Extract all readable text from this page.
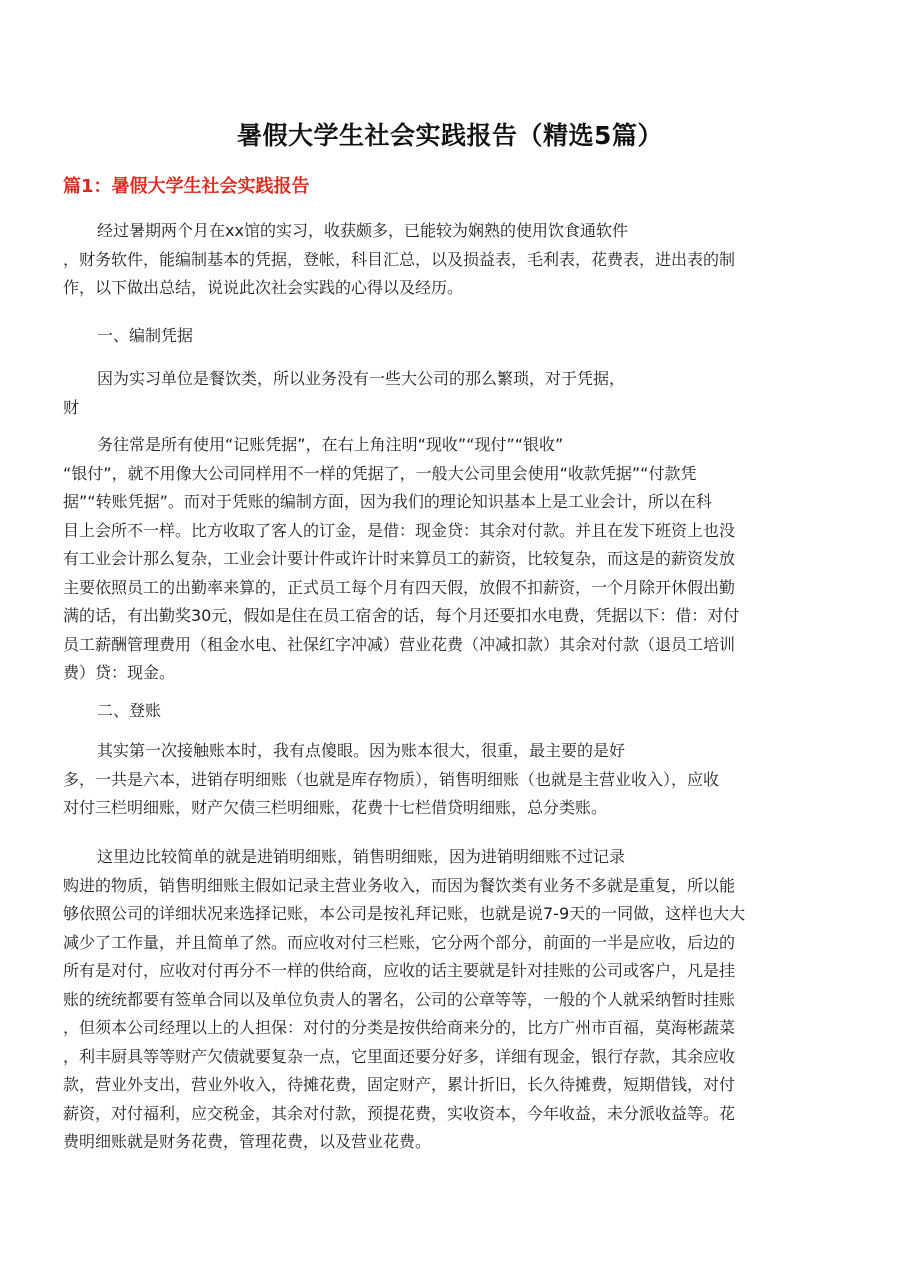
暑假大学生社会实践报告（精选5篇）
篇1：暑假大学生社会实践报告
经过暑期两个月在xx馆的实习，收获颇多，已能较为娴熟的使用饮食通软件
，财务软件，能编制基本的凭据，登帐，科目汇总，以及损益表，毛利表，花费表，进出表的制
作，以下做出总结，说说此次社会实践的心得以及经历。
一、编制凭据
因为实习单位是餐饮类，所以业务没有一些大公司的那么繁琐，对于凭据，
财
务往常是所有使用“记账凭据”，在右上角注明“现收”“现付”“银收”
“银付”，就不用像大公司同样用不一样的凭据了，一般大公司里会使用“收款凭据”“付款凭
据”“转账凭据”。而对于凭账的编制方面，因为我们的理论知识基本上是工业会计，所以在科
目上会所不一样。比方收取了客人的订金，是借：现金贷：其余对付款。并且在发下班资上也没
有工业会计那么复杂，工业会计要计件或许计时来算员工的薪资，比较复杂，而这是的薪资发放
主要依照员工的出勤率来算的，正式员工每个月有四天假，放假不扣薪资，一个月除开休假出勤
满的话，有出勤奖30元，假如是住在员工宿舍的话，每个月还要扣水电费，凭据以下：借：对付
员工薪酬管理费用（租金水电、社保红字冲减）营业花费（冲减扣款）其余对付款（退员工培训
费）贷：现金。
二、登账
其实第一次接触账本时，我有点傻眼。因为账本很大，很重，最主要的是好
多，一共是六本，进销存明细账（也就是库存物质），销售明细账（也就是主营业收入），应收
对付三栏明细账，财产欠债三栏明细账，花费十七栏借贷明细账，总分类账。
这里边比较简单的就是进销明细账，销售明细账，因为进销明细账不过记录
购进的物质，销售明细账主假如记录主营业务收入，而因为餐饮类有业务不多就是重复，所以能
够依照公司的详细状况来选择记账，本公司是按礼拜记账，也就是说7-9天的一同做，这样也大大
减少了工作量，并且简单了然。而应收对付三栏账，它分两个部分，前面的一半是应收，后边的
所有是对付，应收对付再分不一样的供给商，应收的话主要就是针对挂账的公司或客户，凡是挂
账的统统都要有签单合同以及单位负责人的署名，公司的公章等等，一般的个人就采纳暂时挂账
，但须本公司经理以上的人担保：对付的分类是按供给商来分的，比方广州市百福，莫海彬蔬菜
，利丰厨具等等财产欠债就要复杂一点，它里面还要分好多，详细有现金，银行存款，其余应收
款，营业外支出，营业外收入，待摊花费，固定财产，累计折旧，长久待摊费，短期借钱，对付
薪资，对付福利，应交税金，其余对付款，预提花费，实收资本，今年收益，未分派收益等。花
费明细账就是财务花费，管理花费，以及营业花费。
